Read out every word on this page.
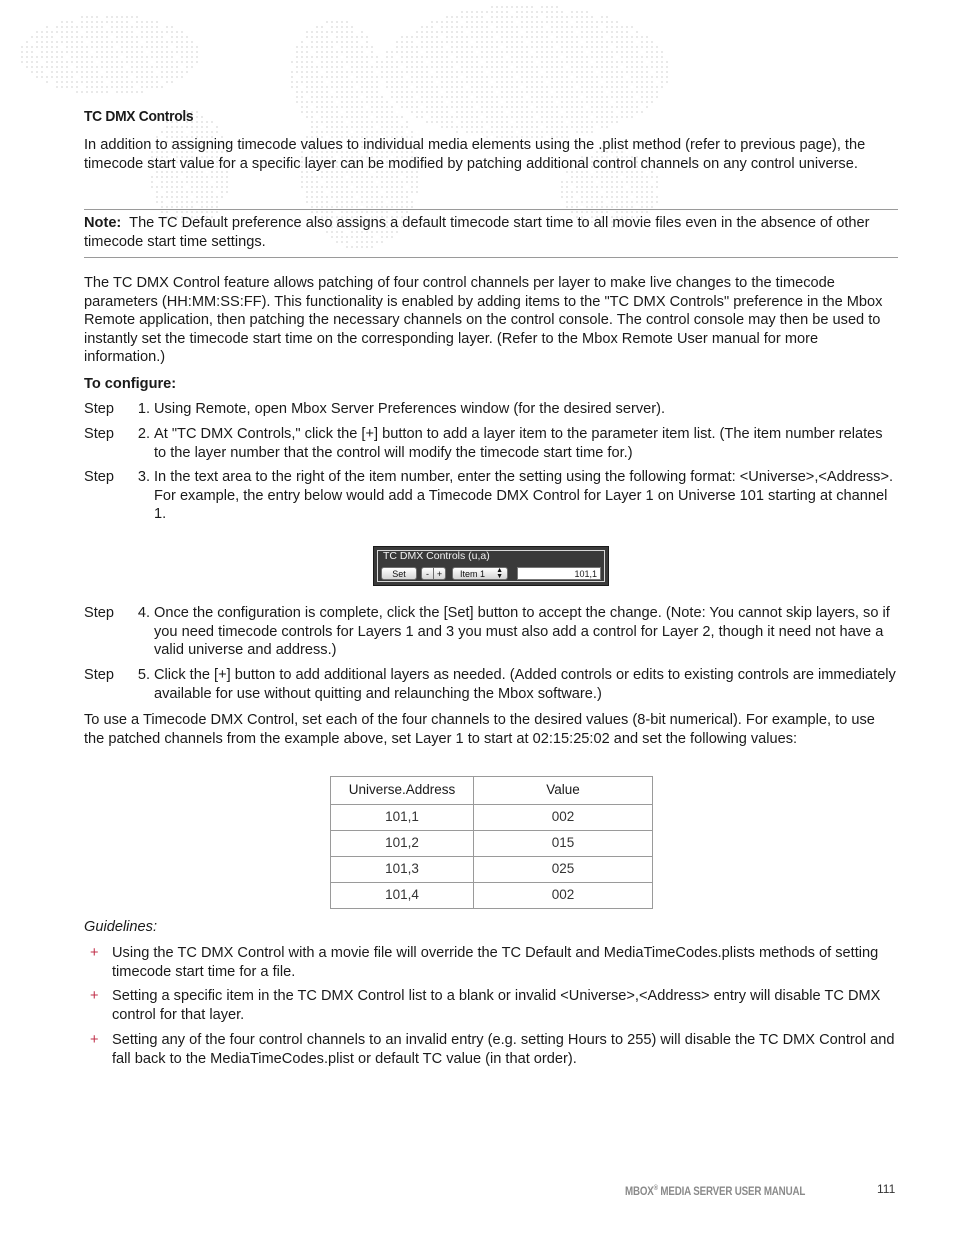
TC DMX Controls

In addition to assigning timecode values to individual media elements using the .plist method (refer to previous page), the timecode start value for a specific layer can be modified by patching additional control channels on any control universe.

Note: The TC Default preference also assigns a default timecode start time to all movie files even in the absence of other timecode start time settings.

The TC DMX Control feature allows patching of four control channels per layer to make live changes to the timecode parameters (HH:MM:SS:FF). This functionality is enabled by adding items to the "TC DMX Controls" preference in the Mbox Remote application, then patching the necessary channels on the control console. The control console may then be used to instantly set the timecode start time on the corresponding layer. (Refer to the Mbox Remote User manual for more information.)

To configure:
Step	1. Using Remote, open Mbox Server Preferences window (for the desired server).
Step	2. At "TC DMX Controls," click the [+] button to add a layer item to the parameter item list. (The item number relates to the layer number that the control will modify the timecode start time for.)
Step	3. In the text area to the right of the item number, enter the setting using the following format: <Universe>,<Address>. For example, the entry below would add a Timecode DMX Control for Layer 1 on Universe 101 starting at channel 1.
TC DMX Controls (u,a)
Set	- +	Item 1 ▲
▼	101,1
Step	4. Once the configuration is complete, click the [Set] button to accept the change. (Note: You cannot skip layers, so if you need timecode controls for Layers 1 and 3 you must also add a control for Layer 2, though it need not have a valid universe and address.)
Step	5. Click the [+] button to add additional layers as needed. (Added controls or edits to existing controls are immediately available for use without quitting and relaunching the Mbox software.)

To use a Timecode DMX Control, set each of the four channels to the desired values (8-bit numerical). For example, to use the patched channels from the example above, set Layer 1 to start at 02:15:25:02 and set the following values:

Universe.Address	Value
101,1	002
101,2	015
101,3	025
101,4	002
Guidelines:
+ Using the TC DMX Control with a movie file will override the TC Default and MediaTimeCodes.plists methods of setting timecode start time for a file.
+ Setting a specific item in the TC DMX Control list to a blank or invalid <Universe>,<Address> entry will disable TC DMX control for that layer.
+ Setting any of the four control channels to an invalid entry (e.g. setting Hours to 255) will disable the TC DMX Control and fall back to the MediaTimeCodes.plist or default TC value (in that order).
MBOX® MEDIA SERVER USER MANUAL	111
